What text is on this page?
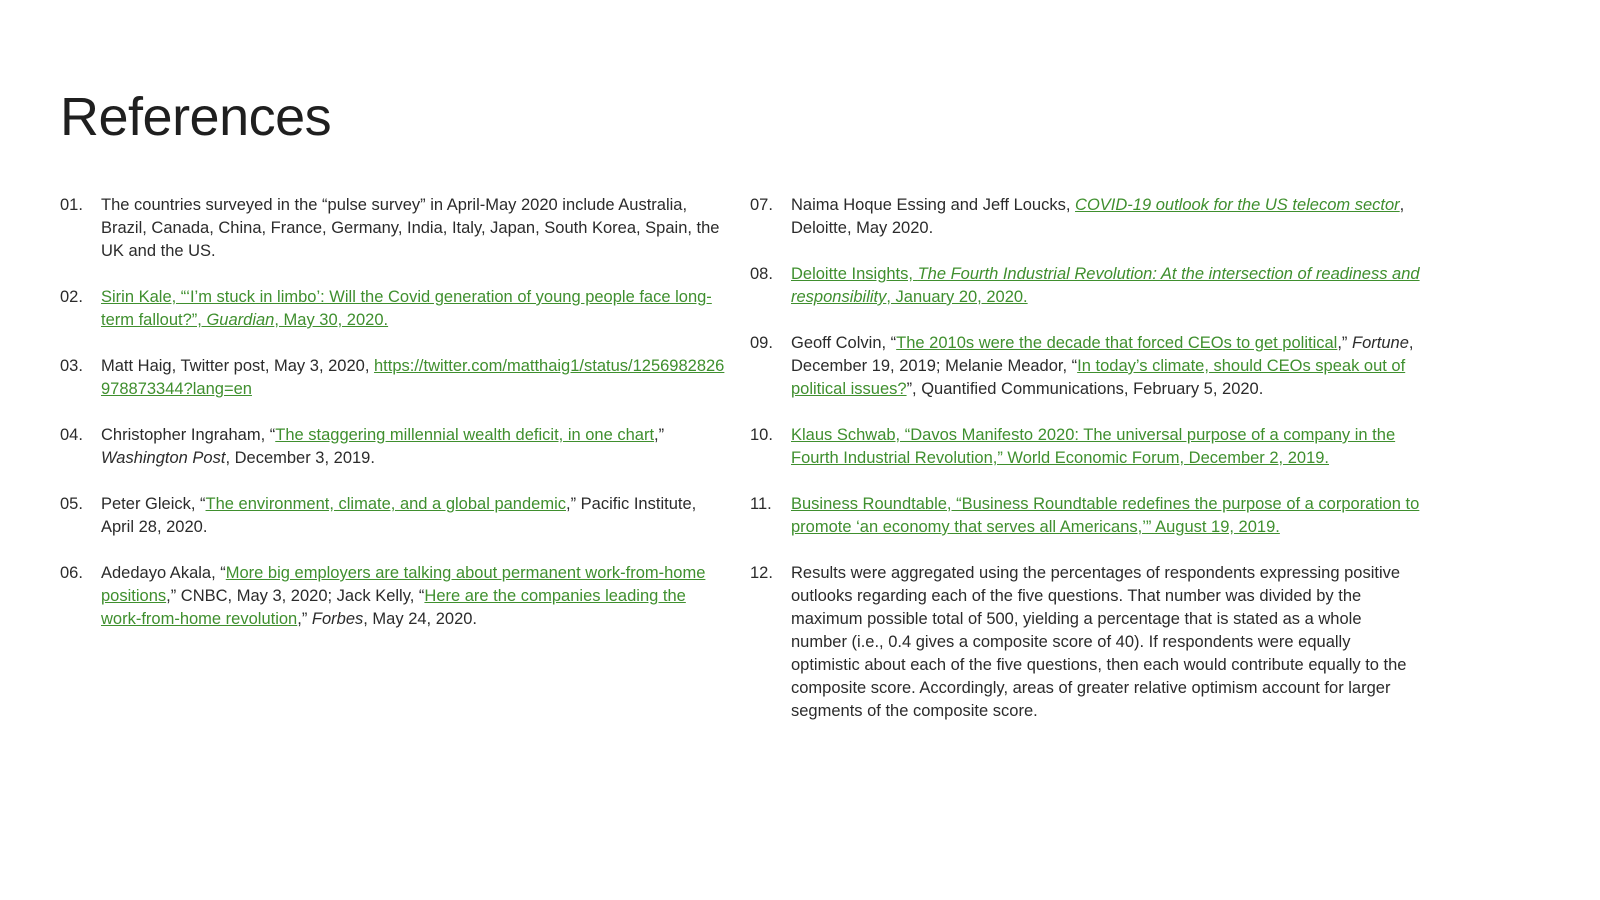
References
01.	The countries surveyed in the “pulse survey” in April-May 2020 include Australia, Brazil, Canada, China, France, Germany, India, Italy, Japan, South Korea, Spain, the UK and the US.
02.	Sirin Kale, “‘I’m stuck in limbo’: Will the Covid generation of young people face long-term fallout?”, Guardian, May 30, 2020.
03.	Matt Haig, Twitter post, May 3, 2020, https://twitter.com/matthaig1/status/1256982826978873344?lang=en
04.	Christopher Ingraham, “The staggering millennial wealth deficit, in one chart,” Washington Post, December 3, 2019.
05.	Peter Gleick, “The environment, climate, and a global pandemic,” Pacific Institute, April 28, 2020.
06.	Adedayo Akala, “More big employers are talking about permanent work-from-home positions,” CNBC, May 3, 2020; Jack Kelly, “Here are the companies leading the work-from-home revolution,” Forbes, May 24, 2020.
07.	Naima Hoque Essing and Jeff Loucks, COVID-19 outlook for the US telecom sector, Deloitte, May 2020.
08.	Deloitte Insights, The Fourth Industrial Revolution: At the intersection of readiness and responsibility, January 20, 2020.
09.	Geoff Colvin, “The 2010s were the decade that forced CEOs to get political,” Fortune, December 19, 2019; Melanie Meador, “In today’s climate, should CEOs speak out of political issues?”, Quantified Communications, February 5, 2020.
10.	Klaus Schwab, “Davos Manifesto 2020: The universal purpose of a company in the Fourth Industrial Revolution,” World Economic Forum, December 2, 2019.
11.	Business Roundtable, “Business Roundtable redefines the purpose of a corporation to promote ‘an economy that serves all Americans,’” August 19, 2019.
12.	Results were aggregated using the percentages of respondents expressing positive outlooks regarding each of the five questions. That number was divided by the maximum possible total of 500, yielding a percentage that is stated as a whole number (i.e., 0.4 gives a composite score of 40). If respondents were equally optimistic about each of the five questions, then each would contribute equally to the composite score. Accordingly, areas of greater relative optimism account for larger segments of the composite score.
